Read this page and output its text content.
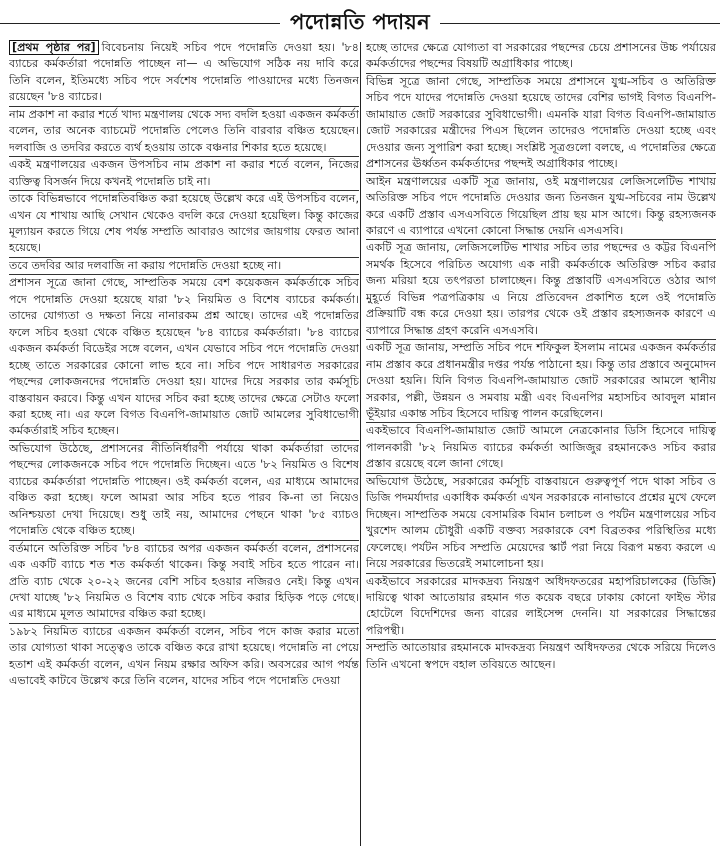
পদোন্নতি পদায়ন

[প্রথম পৃষ্ঠার পর] বিবেচনায় নিয়েই সচিব পদে পদোন্নতি দেওয়া হয়। '৮৪ ব্যাচের কর্মকর্তারা পদোন্নতি পাচ্ছেন না— এ অভিযোগ সঠিক নয় দাবি করে তিনি বলেন, ইতিমধ্যে সচিব পদে সর্বশেষ পদোন্নতি পাওয়াদের মধ্যে তিনজন রয়েছেন '৮৪ ব্যাচের।

নাম প্রকাশ না করার শর্তে খাদ্য মন্ত্রণালয় থেকে সদ্য বদলি হওয়া একজন কর্মকর্তা বলেন, তার অনেক ব্যাচমেট পদোন্নতি পেলেও তিনি বারবার বঞ্চিত হয়েছেন। দলবাজি ও তদবির করতে ব্যর্থ হওয়ায় তাকে বঞ্চনার শিকার হতে হয়েছে।

একই মন্ত্রণালয়ের একজন উপসচিব নাম প্রকাশ না করার শর্তে বলেন, নিজের ব্যক্তিত্ব বিসর্জন দিয়ে কখনই পদোন্নতি চাই না।

তাকে বিভিন্নভাবে পদোন্নতিবঞ্চিত করা হয়েছে উল্লেখ করে এই উপসচিব বলেন, এখন যে শাখায় আছি সেখান থেকেও বদলি করে দেওয়া হয়েছিল। কিন্তু কাজের মূল্যায়ন করতে গিয়ে শেষ পর্যন্ত সম্প্রতি আবারও আগের জায়গায় ফেরত আনা হয়েছে।

তবে তদবির আর দলবাজি না করায় পদোন্নতি দেওয়া হচ্ছে না।

প্রশাসন সূত্রে জানা গেছে, সাম্প্রতিক সময়ে বেশ কয়েকজন কর্মকর্তাকে সচিব পদে পদোন্নতি দেওয়া হয়েছে যারা '৮২ নিয়মিত ও বিশেষ ব্যাচের কর্মকর্তা। তাদের যোগ্যতা ও দক্ষতা নিয়ে নানারকম প্রশ্ন আছে। তাদের এই পদোন্নতির ফলে সচিব হওয়া থেকে বঞ্চিত হয়েছেন '৮৪ ব্যাচের কর্মকর্তারা। '৮৪ ব্যাচের একজন কর্মকর্তা বিডেইর সঙ্গে বলেন, এখন যেভাবে সচিব পদে পদোন্নতি দেওয়া হচ্ছে তাতে সরকারের কোনো লাভ হবে না। সচিব পদে সাধারণত সরকারের পছন্দের লোকজনদের পদোন্নতি দেওয়া হয়। যাদের দিয়ে সরকার তার কর্মসূচি বাস্তবায়ন করবে। কিন্তু এখন যাদের সচিব করা হচ্ছে তাদের ক্ষেত্রে সেটাও ফলো করা হচ্ছে না। এর ফলে বিগত বিএনপি-জামায়াত জোট আমলের সুবিধাভোগী কর্মকর্তারাই সচিব হচ্ছেন।

অভিযোগ উঠেছে, প্রশাসনের নীতিনির্ধারণী পর্যায়ে থাকা কর্মকর্তারা তাদের পছন্দের লোকজনকে সচিব পদে পদোন্নতি দিচ্ছেন। এতে '৮২ নিয়মিত ও বিশেষ ব্যাচের কর্মকর্তারা পদোন্নতি পাচ্ছেন। ওই কর্মকর্তা বলেন, এর মাধ্যমে আমাদের বঞ্চিত করা হচ্ছে। ফলে আমরা আর সচিব হতে পারব কি-না তা নিয়েও অনিশ্চয়তা দেখা দিয়েছে। শুধু তাই নয়, আমাদের পেছনে থাকা '৮৫ ব্যাচও পদোন্নতি থেকে বঞ্চিত হচ্ছে।

বর্তমানে অতিরিক্ত সচিব '৮৪ ব্যাচের অপর একজন কর্মকর্তা বলেন, প্রশাসনের এক একটি ব্যাচে শত শত কর্মকর্তা থাকেন। কিন্তু সবাই সচিব হতে পারেন না। প্রতি ব্যাচ থেকে ২০-২২ জনের বেশি সচিব হওয়ার নজিরও নেই। কিন্তু এখন দেখা যাচ্ছে '৮২ নিয়মিত ও বিশেষ ব্যাচ থেকে সচিব করার হিড়িক পড়ে গেছে। এর মাধ্যমে মূলত আমাদের বঞ্চিত করা হচ্ছে।

১৯৮২ নিয়মিত ব্যাচের একজন কর্মকর্তা বলেন, সচিব পদে কাজ করার মতো তার যোগ্যতা থাকা সত্ত্বেও তাকে বঞ্চিত করে রাখা হয়েছে। পদোন্নতি না পেয়ে হতাশ এই কর্মকর্তা বলেন, এখন নিয়ম রক্ষার অফিস করি। অবসরের আগ পর্যন্ত এভাবেই কাটবে উল্লেখ করে তিনি বলেন, যাদের সচিব পদে পদোন্নতি দেওয়া

হচ্ছে তাদের ক্ষেত্রে যোগ্যতা বা সরকারের পছন্দের চেয়ে প্রশাসনের উচ্চ পর্যায়ের কর্মকর্তাদের পছন্দের বিষয়টি অগ্রাধিকার পাচ্ছে।

বিভিন্ন সূত্রে জানা গেছে, সাম্প্রতিক সময়ে প্রশাসনে যুগ্ম-সচিব ও অতিরিক্ত সচিব পদে যাদের পদোন্নতি দেওয়া হয়েছে তাদের বেশির ভাগই বিগত বিএনপি-জামায়াত জোট সরকারের সুবিধাভোগী। এমনকি যারা বিগত বিএনপি-জামায়াত জোট সরকারের মন্ত্রীদের পিএস ছিলেন তাদেরও পদোন্নতি দেওয়া হচ্ছে এবং দেওয়ার জন্য সুপারিশ করা হচ্ছে। সংশ্লিষ্ট সূত্রগুলো বলছে, এ পদোন্নতির ক্ষেত্রে প্রশাসনের ঊর্ধ্বতন কর্মকর্তাদের পছন্দই অগ্রাধিকার পাচ্ছে।

আইন মন্ত্রণালয়ের একটি সূত্র জানায়, ওই মন্ত্রণালয়ের লেজিসলেটিভ শাখায় অতিরিক্ত সচিব পদে পদোন্নতি দেওয়ার জন্য তিনজন যুগ্ম-সচিবের নাম উল্লেখ করে একটি প্রস্তাব এসএসবিতে গিয়েছিল প্রায় ছয় মাস আগে। কিন্তু রহস্যজনক কারণে এ ব্যাপারে এখনো কোনো সিদ্ধান্ত দেয়নি এসএসবি।

একটি সূত্র জানায়, লেজিসলেটিভ শাখার সচিব তার পছন্দের ও কট্টর বিএনপি সমর্থক হিসেবে পরিচিত অযোগ্য এক নারী কর্মকর্তাকে অতিরিক্ত সচিব করার জন্য মরিয়া হয়ে তৎপরতা চালাচ্ছেন। কিন্তু প্রস্তাবটি এসএসবিতে ওঠার আগ মুহূর্তে বিভিন্ন পত্রপত্রিকায় এ নিয়ে প্রতিবেদন প্রকাশিত হলে ওই পদোন্নতি প্রক্রিয়াটি বন্ধ করে দেওয়া হয়। তারপর থেকে ওই প্রস্তাব রহস্যজনক কারণে এ ব্যাপারে সিদ্ধান্ত গ্রহণ করেনি এসএসবি।

একটি সূত্র জানায়, সম্প্রতি সচিব পদে শফিকুল ইসলাম নামের একজন কর্মকর্তার নাম প্রস্তাব করে প্রধানমন্ত্রীর দপ্তর পর্যন্ত পাঠানো হয়। কিন্তু তার প্রস্তাবে অনুমোদন দেওয়া হয়নি। যিনি বিগত বিএনপি-জামায়াত জোট সরকারের আমলে স্থানীয় সরকার, পল্লী, উন্নয়ন ও সমবায় মন্ত্রী এবং বিএনপির মহাসচিব আবদুল মান্নান ভূঁইয়ার একান্ত সচিব হিসেবে দায়িত্ব পালন করেছিলেন।

একইভাবে বিএনপি-জামায়াত জোট আমলে নেত্রকোনার ডিসি হিসেবে দায়িত্ব পালনকারী '৮২ নিয়মিত ব্যাচের কর্মকর্তা আজিজুর রহমানকেও সচিব করার প্রস্তাব রয়েছে বলে জানা গেছে।

অভিযোগ উঠেছে, সরকারের কর্মসূচি বাস্তবায়নে গুরুত্বপূর্ণ পদে থাকা সচিব ও ডিজি পদমর্যাদার একাধিক কর্মকর্তা এখন সরকারকে নানাভাবে প্রশ্নের মুখে ফেলে দিচ্ছেন। সাম্প্রতিক সময়ে বেসামরিক বিমান চলাচল ও পর্যটন মন্ত্রণালয়ের সচিব খুরশেদ আলম চৌধুরী একটি বক্তব্য সরকারকে বেশ বিব্রতকর পরিস্থিতির মধ্যে ফেলেছে। পর্যটন সচিব সম্প্রতি মেয়েদের স্কার্ট পরা নিয়ে বিরূপ মন্তব্য করলে এ নিয়ে সরকারের ভিতরেই সমালোচনা হয়।

একইভাবে সরকারের মাদকদ্রব্য নিয়ন্ত্রণ অধিদফতরের মহাপরিচালকের (ডিজি) দায়িত্বে থাকা আতোয়ার রহমান গত কয়েক বছরে ঢাকায় কোনো ফাইভ স্টার হোটেলে বিদেশিদের জন্য বারের লাইসেন্স দেননি। যা সরকারের সিদ্ধান্তের পরিপন্থী।

সম্প্রতি আতোয়ার রহমানকে মাদকদ্রব্য নিয়ন্ত্রণ অধিদফতর থেকে সরিয়ে দিলেও তিনি এখনো স্বপদে বহাল তবিয়তে আছেন।
